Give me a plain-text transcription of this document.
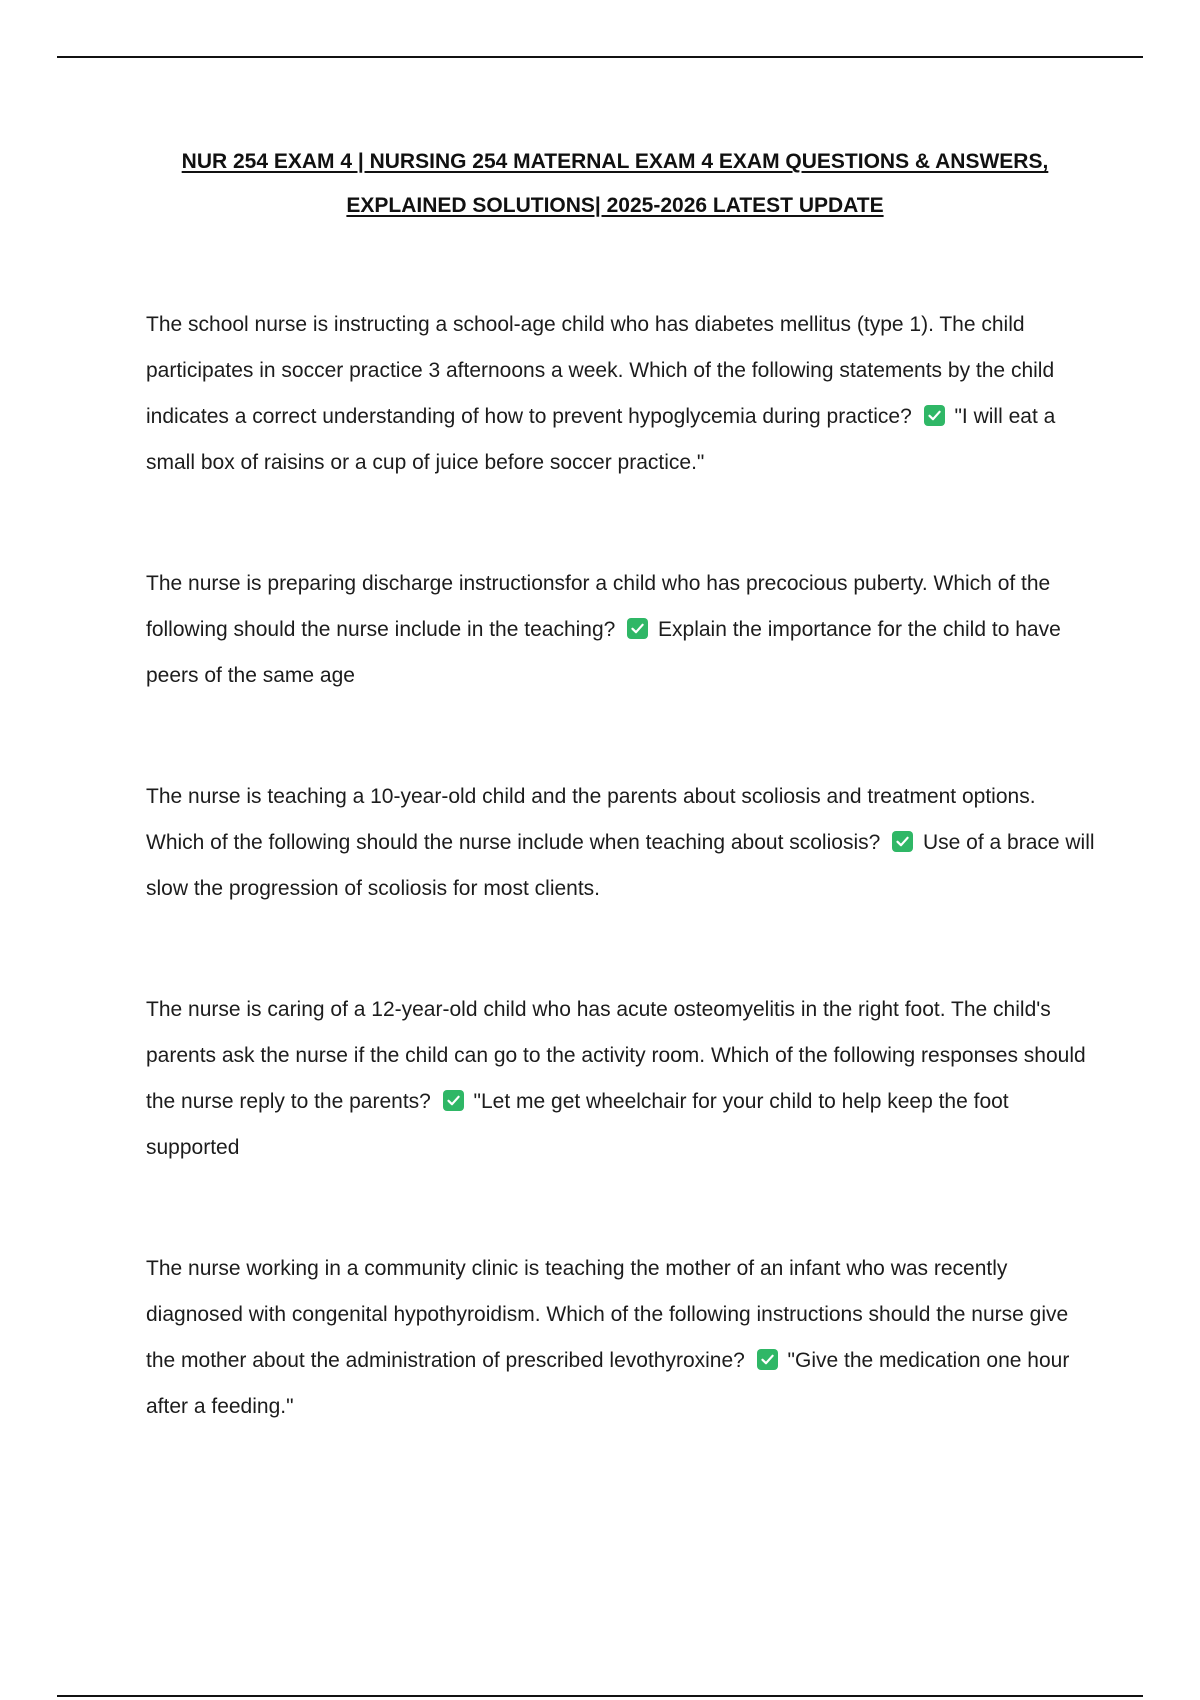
NUR 254 EXAM 4 | NURSING 254 MATERNAL EXAM 4 EXAM QUESTIONS & ANSWERS,
EXPLAINED SOLUTIONS| 2025-2026 LATEST UPDATE

The school nurse is instructing a school-age child who has diabetes mellitus (type 1). The child participates in soccer practice 3 afternoons a week. Which of the following statements by the child indicates a correct understanding of how to prevent hypoglycemia during practice? "I will eat a small box of raisins or a cup of juice before soccer practice."

The nurse is preparing discharge instructionsfor a child who has precocious puberty. Which of the following should the nurse include in the teaching? Explain the importance for the child to have peers of the same age

The nurse is teaching a 10-year-old child and the parents about scoliosis and treatment options. Which of the following should the nurse include when teaching about scoliosis? Use of a brace will slow the progression of scoliosis for most clients.

The nurse is caring of a 12-year-old child who has acute osteomyelitis in the right foot. The child's parents ask the nurse if the child can go to the activity room. Which of the following responses should the nurse reply to the parents? "Let me get wheelchair for your child to help keep the foot supported

The nurse working in a community clinic is teaching the mother of an infant who was recently diagnosed with congenital hypothyroidism. Which of the following instructions should the nurse give the mother about the administration of prescribed levothyroxine? "Give the medication one hour after a feeding."
